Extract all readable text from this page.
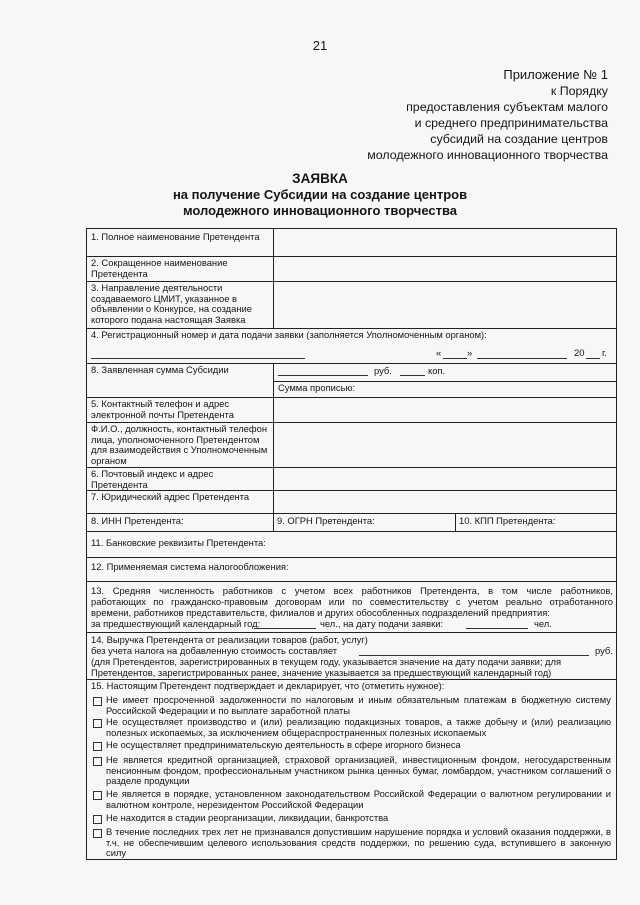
21
Приложение № 1
к Порядку
предоставления субъектам малого
и среднего предпринимательства
субсидий на создание центров
молодежного инновационного творчества
ЗАЯВКА
на получение Субсидии на создание центров
молодежного инновационного творчества
1. Полное наименование Претендента
2. Сокращенное наименование Претендента
3. Направление деятельности создаваемого ЦМИТ, указанное в объявлении о Конкурсе, на создание которого подана настоящая Заявка
4. Регистрационный номер и дата подачи заявки (заполняется Уполномоченным органом):
«	»	20 г.
8. Заявленная сумма Субсидии	руб.	коп.
Сумма прописью:
5. Контактный телефон и адрес электронной почты Претендента
Ф.И.О., должность, контактный телефон лица, уполномоченного Претендентом для взаимодействия с Уполномоченным органом
6. Почтовый индекс и адрес Претендента
7. Юридический адрес Претендента
8. ИНН Претендента:	9. ОГРН Претендента:	10. КПП Претендента:
11. Банковские реквизиты Претендента:
12. Применяемая система налогообложения:
13. Средняя численность работников с учетом всех работников Претендента, в том числе работников,
работающих по гражданско-правовым договорам или по совместительству с учетом реально отработанного
времени, работников представительств, филиалов и других обособленных подразделений предприятия:
за предшествующий календарный год:	чел., на дату подачи заявки:	чел.
14. Выручка Претендента от реализации товаров (работ, услуг)
без учета налога на добавленную стоимость составляет	руб.
(для Претендентов, зарегистрированных в текущем году, указывается значение на дату подачи заявки; для
Претендентов, зарегистрированных ранее, значение указывается за предшествующий календарный год)
15. Настоящим Претендент подтверждает и декларирует, что (отметить нужное):
Не имеет просроченной задолженности по налоговым и иным обязательным платежам в бюджетную систему Российской Федерации и по выплате заработной платы
Не осуществляет производство и (или) реализацию подакцизных товаров, а также добычу и (или) реализацию полезных ископаемых, за исключением общераспространенных полезных ископаемых
Не осуществляет предпринимательскую деятельность в сфере игорного бизнеса
Не является кредитной организацией, страховой организацией, инвестиционным фондом, негосударственным пенсионным фондом, профессиональным участником рынка ценных бумаг, ломбардом, участником соглашений о разделе продукции
Не является в порядке, установленном законодательством Российской Федерации о валютном регулировании и валютном контроле, нерезидентом Российской Федерации
Не находится в стадии реорганизации, ликвидации, банкротства
В течение последних трех лет не признавался допустившим нарушение порядка и условий оказания поддержки, в т.ч. не обеспечившим целевого использования средств поддержки, по решению суда, вступившего в законную силу
